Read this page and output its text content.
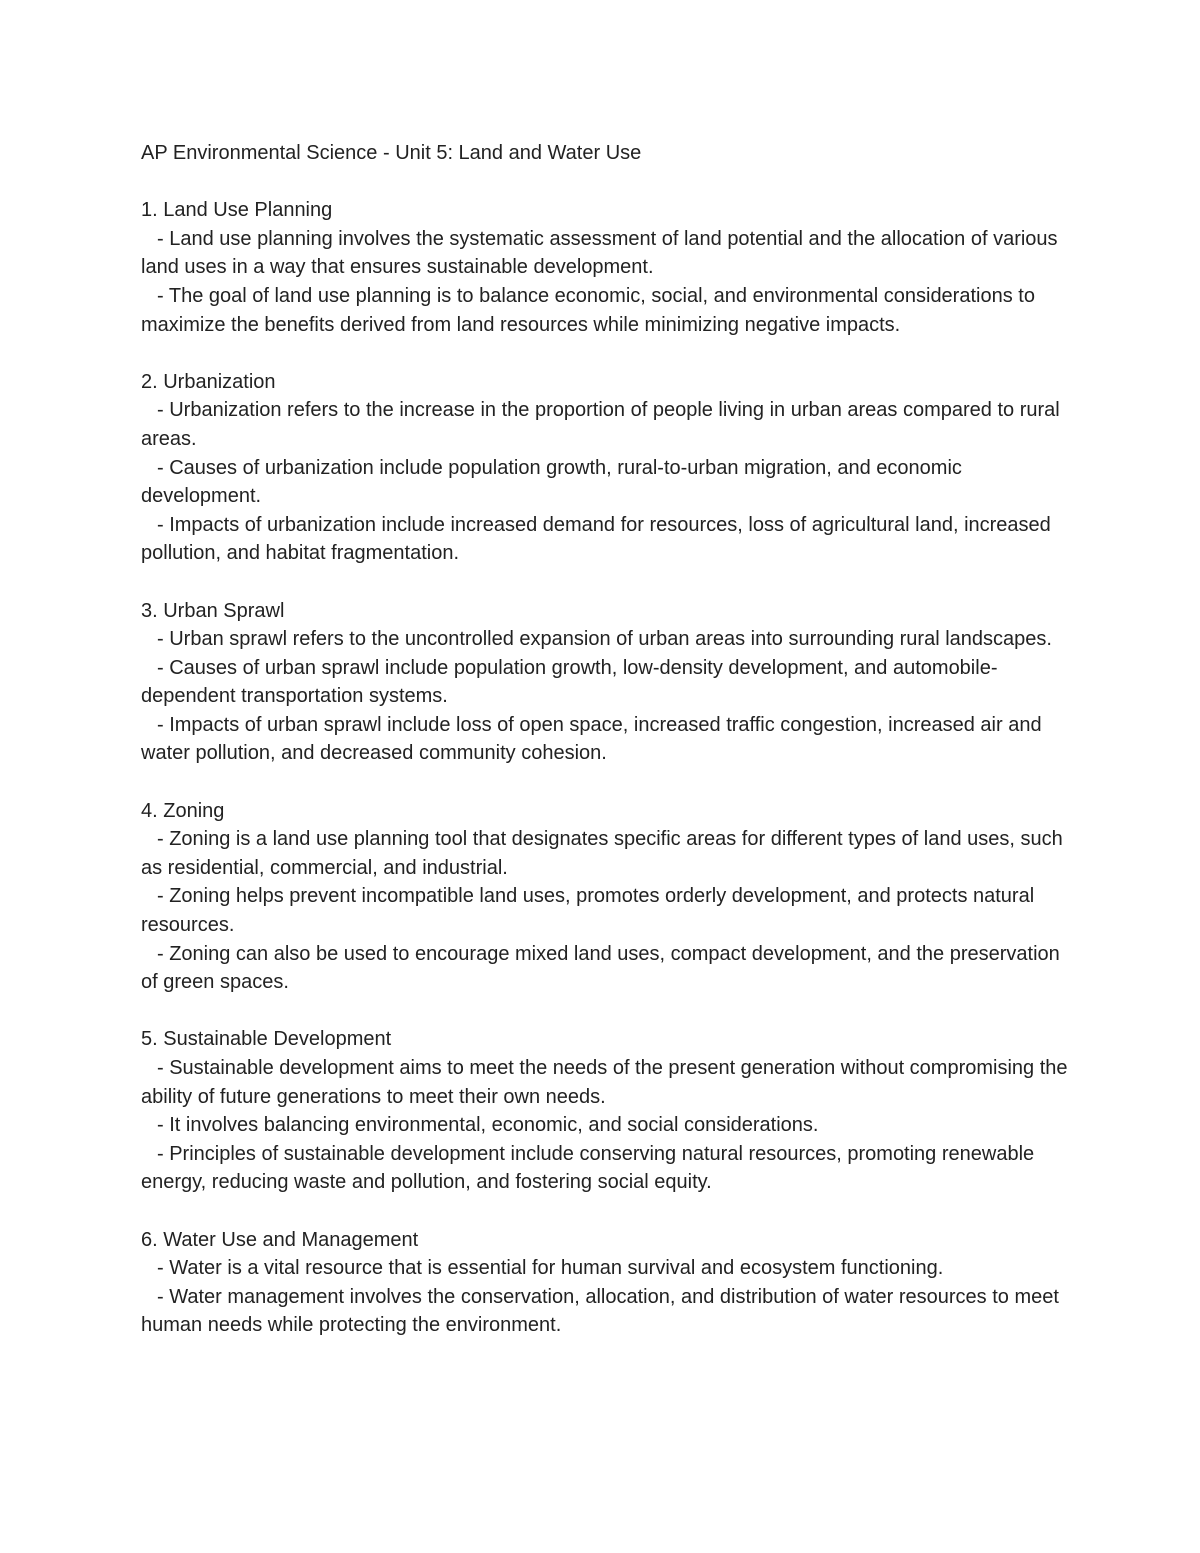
AP Environmental Science - Unit 5: Land and Water Use
1. Land Use Planning
- Land use planning involves the systematic assessment of land potential and the allocation of various land uses in a way that ensures sustainable development.
- The goal of land use planning is to balance economic, social, and environmental considerations to maximize the benefits derived from land resources while minimizing negative impacts.
2. Urbanization
- Urbanization refers to the increase in the proportion of people living in urban areas compared to rural areas.
- Causes of urbanization include population growth, rural-to-urban migration, and economic development.
- Impacts of urbanization include increased demand for resources, loss of agricultural land, increased pollution, and habitat fragmentation.
3. Urban Sprawl
- Urban sprawl refers to the uncontrolled expansion of urban areas into surrounding rural landscapes.
- Causes of urban sprawl include population growth, low-density development, and automobile-dependent transportation systems.
- Impacts of urban sprawl include loss of open space, increased traffic congestion, increased air and water pollution, and decreased community cohesion.
4. Zoning
- Zoning is a land use planning tool that designates specific areas for different types of land uses, such as residential, commercial, and industrial.
- Zoning helps prevent incompatible land uses, promotes orderly development, and protects natural resources.
- Zoning can also be used to encourage mixed land uses, compact development, and the preservation of green spaces.
5. Sustainable Development
- Sustainable development aims to meet the needs of the present generation without compromising the ability of future generations to meet their own needs.
- It involves balancing environmental, economic, and social considerations.
- Principles of sustainable development include conserving natural resources, promoting renewable energy, reducing waste and pollution, and fostering social equity.
6. Water Use and Management
- Water is a vital resource that is essential for human survival and ecosystem functioning.
- Water management involves the conservation, allocation, and distribution of water resources to meet human needs while protecting the environment.
